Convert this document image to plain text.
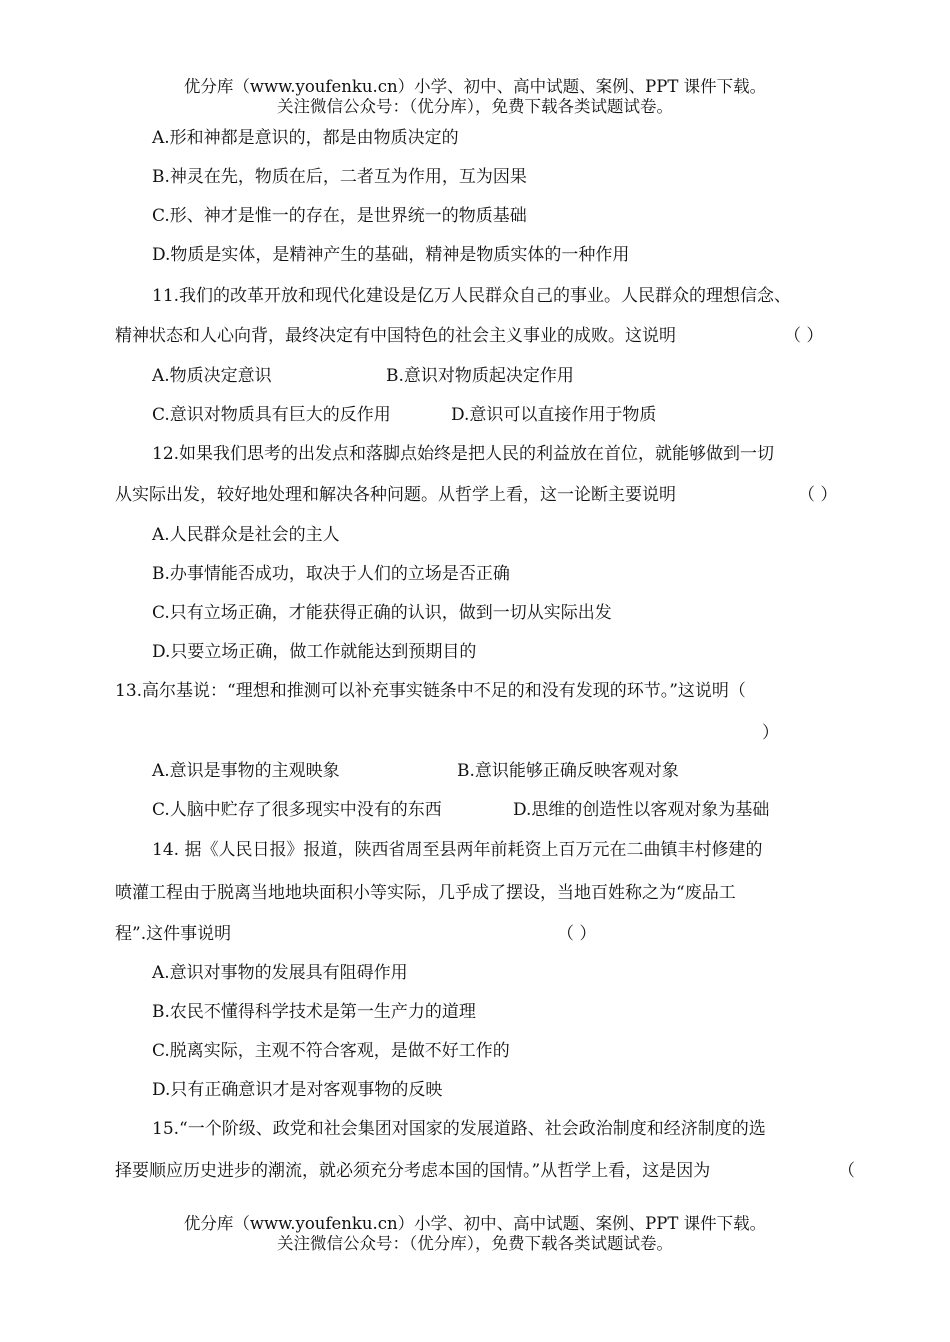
优分库（www.youfenku.cn）小学、初中、高中试题、案例、PPT 课件下载。
关注微信公众号：（优分库），免费下载各类试题试卷。
A.形和神都是意识的，都是由物质决定的
B.神灵在先，物质在后，二者互为作用，互为因果
C.形、神才是惟一的存在，是世界统一的物质基础
D.物质是实体，是精神产生的基础，精神是物质实体的一种作用
11.我们的改革开放和现代化建设是亿万人民群众自己的事业。人民群众的理想信念、
精神状态和人心向背，最终决定有中国特色的社会主义事业的成败。这说明	（ ）
A.物质决定意识	B.意识对物质起决定作用
C.意识对物质具有巨大的反作用	D.意识可以直接作用于物质
12.如果我们思考的出发点和落脚点始终是把人民的利益放在首位，就能够做到一切
从实际出发，较好地处理和解决各种问题。从哲学上看，这一论断主要说明	（ ）
A.人民群众是社会的主人
B.办事情能否成功，取决于人们的立场是否正确
C.只有立场正确，才能获得正确的认识，做到一切从实际出发
D.只要立场正确，做工作就能达到预期目的
13.高尔基说：“理想和推测可以补充事实链条中不足的和没有发现的环节。”这说明（
）
A.意识是事物的主观映象	B.意识能够正确反映客观对象
C.人脑中贮存了很多现实中没有的东西	D.思维的创造性以客观对象为基础
14. 据《人民日报》报道，陕西省周至县两年前耗资上百万元在二曲镇丰村修建的
喷灌工程由于脱离当地地块面积小等实际，几乎成了摆设，当地百姓称之为“废品工
程”.这件事说明	（ ）
A.意识对事物的发展具有阻碍作用
B.农民不懂得科学技术是第一生产力的道理
C.脱离实际，主观不符合客观，是做不好工作的
D.只有正确意识才是对客观事物的反映
15.“一个阶级、政党和社会集团对国家的发展道路、社会政治制度和经济制度的选
择要顺应历史进步的潮流，就必须充分考虑本国的国情。”从哲学上看，这是因为	（
优分库（www.youfenku.cn）小学、初中、高中试题、案例、PPT 课件下载。
关注微信公众号：（优分库），免费下载各类试题试卷。
